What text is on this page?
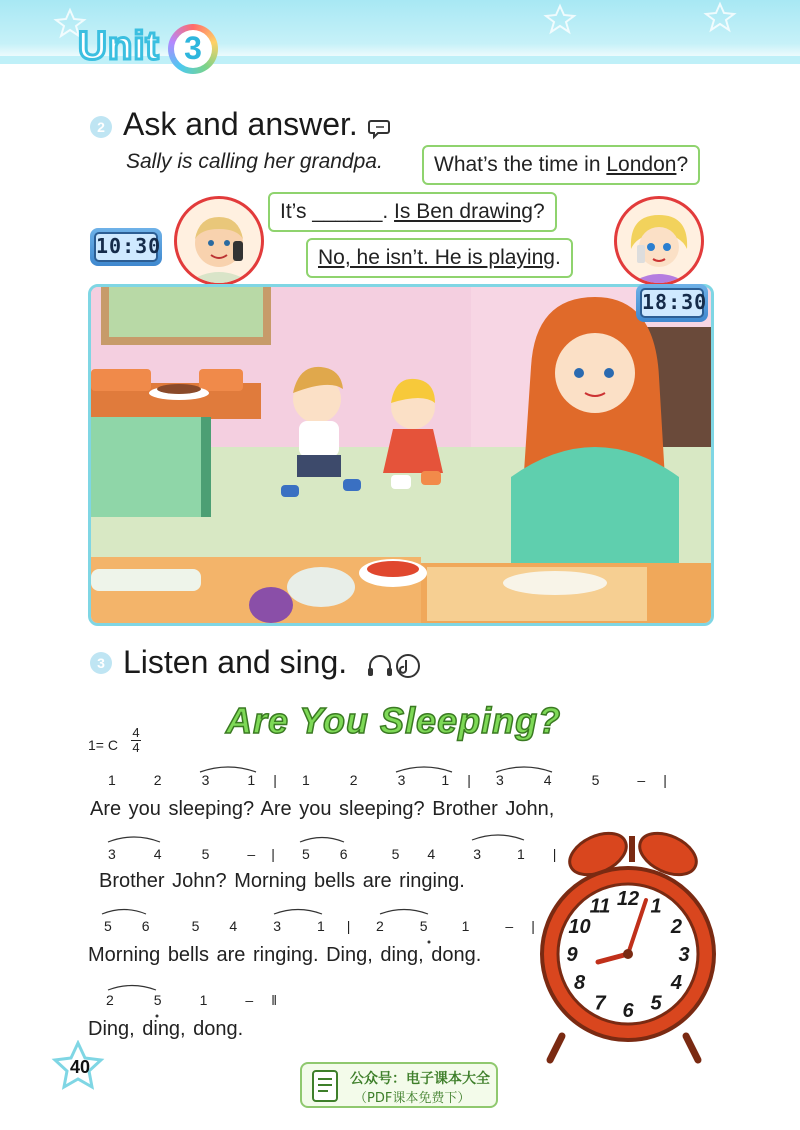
Unit 3
2 Ask and answer.
Sally is calling her grandpa.	What’s the time in London?
It’s ______. Is Ben drawing?
No, he isn’t. He is playing.
10:30
18:30
3 Listen and sing.
Are You Sleeping?
1= C
4
4
1	2	3	1 | 1	2	3	1 | 3	4	5	– |
Are you sleeping? Are you sleeping? Brother John,
3	4	5	– | 5 6	5 4	3	1 |
Brother John? Morning bells are ringing.
5 6	5 4	3	1 | 2	5 1	– |
Morning bells are ringing. Ding, ding, dong.
2	5	1	– ‖
Ding, ding, dong.
12 1
2
3
4
5
6
7
8
9
10
11
40
公众号：电子课本大全
（PDF课本免费下）
